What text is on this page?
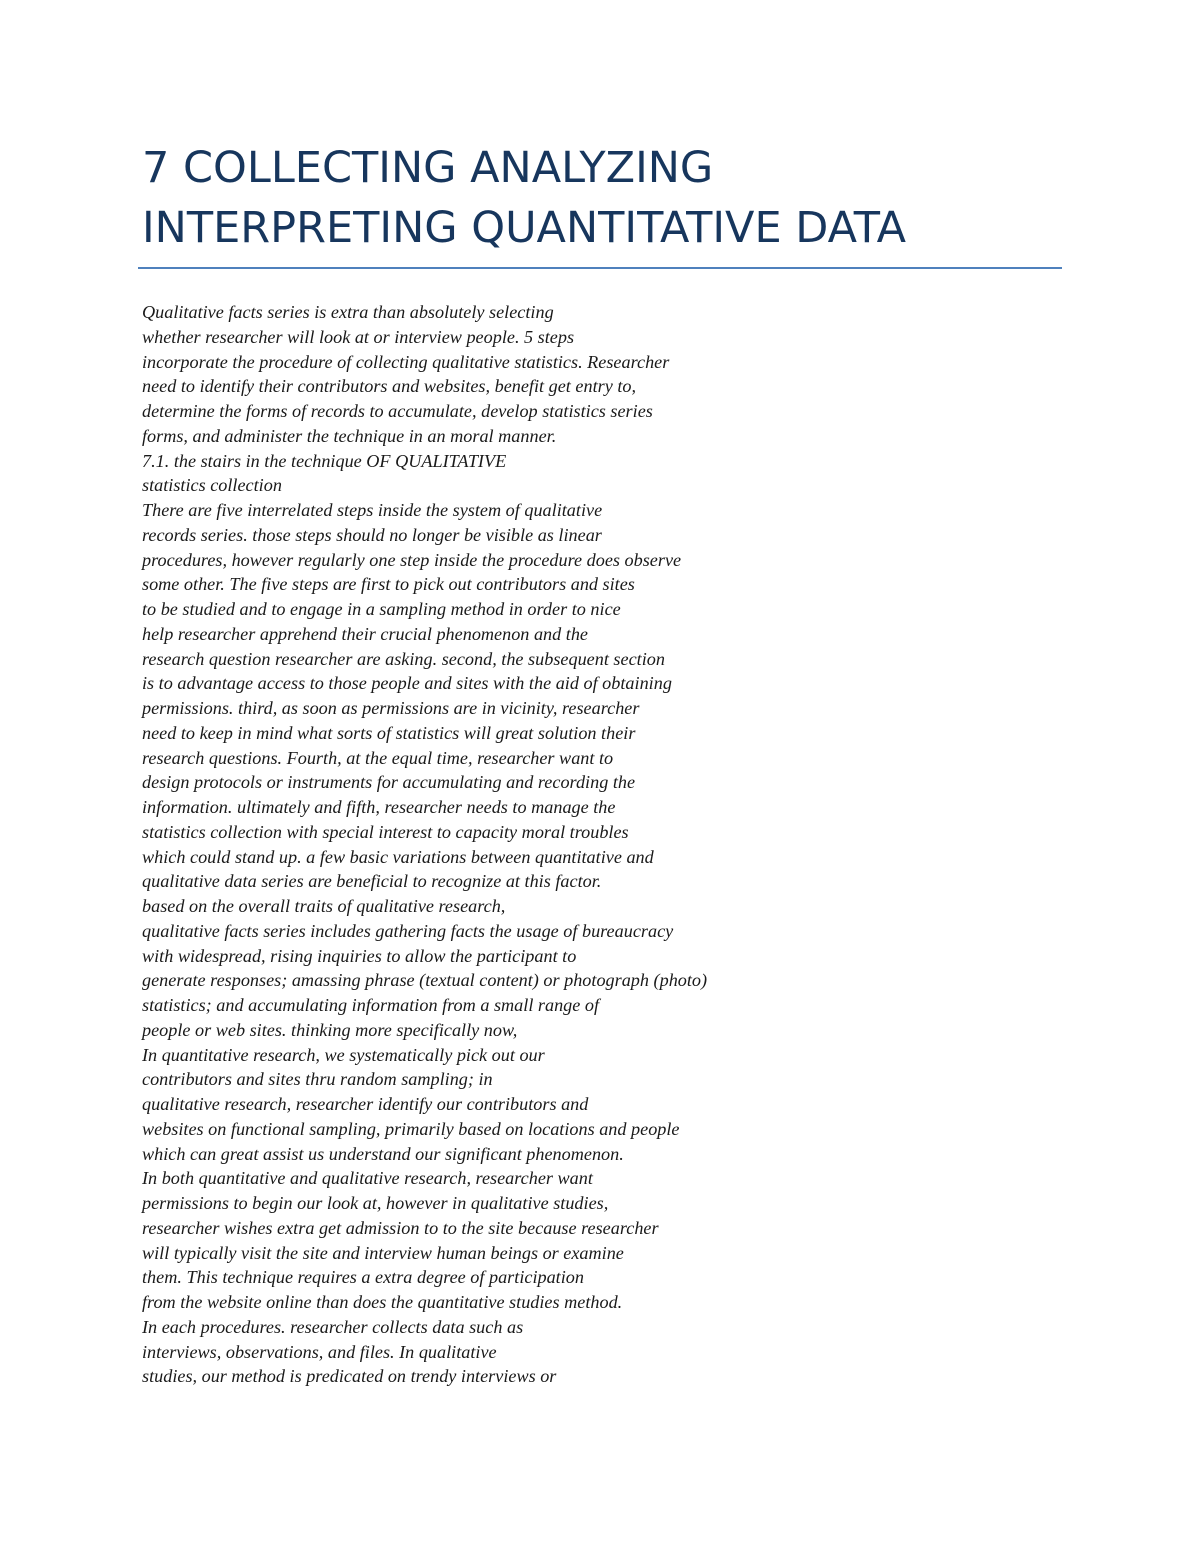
7 COLLECTING ANALYZING
INTERPRETING QUANTITATIVE DATA
Qualitative facts series is extra than absolutely selecting
whether researcher will look at or interview people. 5 steps
incorporate the procedure of collecting qualitative statistics. Researcher
need to identify their contributors and websites, benefit get entry to,
determine the forms of records to accumulate, develop statistics series
forms, and administer the technique in an moral manner.
7.1. the stairs in the technique OF QUALITATIVE
statistics collection
There are five interrelated steps inside the system of qualitative
records series. those steps should no longer be visible as linear
procedures, however regularly one step inside the procedure does observe
some other. The five steps are first to pick out contributors and sites
to be studied and to engage in a sampling method in order to nice
help researcher apprehend their crucial phenomenon and the
research question researcher are asking. second, the subsequent section
is to advantage access to those people and sites with the aid of obtaining
permissions. third, as soon as permissions are in vicinity, researcher
need to keep in mind what sorts of statistics will great solution their
research questions. Fourth, at the equal time, researcher want to
design protocols or instruments for accumulating and recording the
information. ultimately and fifth, researcher needs to manage the
statistics collection with special interest to capacity moral troubles
which could stand up. a few basic variations between quantitative and
qualitative data series are beneficial to recognize at this factor.
based on the overall traits of qualitative research,
qualitative facts series includes gathering facts the usage of bureaucracy
with widespread, rising inquiries to allow the participant to
generate responses; amassing phrase (textual content) or photograph (photo)
statistics; and accumulating information from a small range of
people or web sites. thinking more specifically now,
In quantitative research, we systematically pick out our
contributors and sites thru random sampling; in
qualitative research, researcher identify our contributors and
websites on functional sampling, primarily based on locations and people
which can great assist us understand our significant phenomenon.
In both quantitative and qualitative research, researcher want
permissions to begin our look at, however in qualitative studies,
researcher wishes extra get admission to to the site because researcher
will typically visit the site and interview human beings or examine
them. This technique requires a extra degree of participation
from the website online than does the quantitative studies method.
In each procedures. researcher collects data such as
interviews, observations, and files. In qualitative
studies, our method is predicated on trendy interviews or
